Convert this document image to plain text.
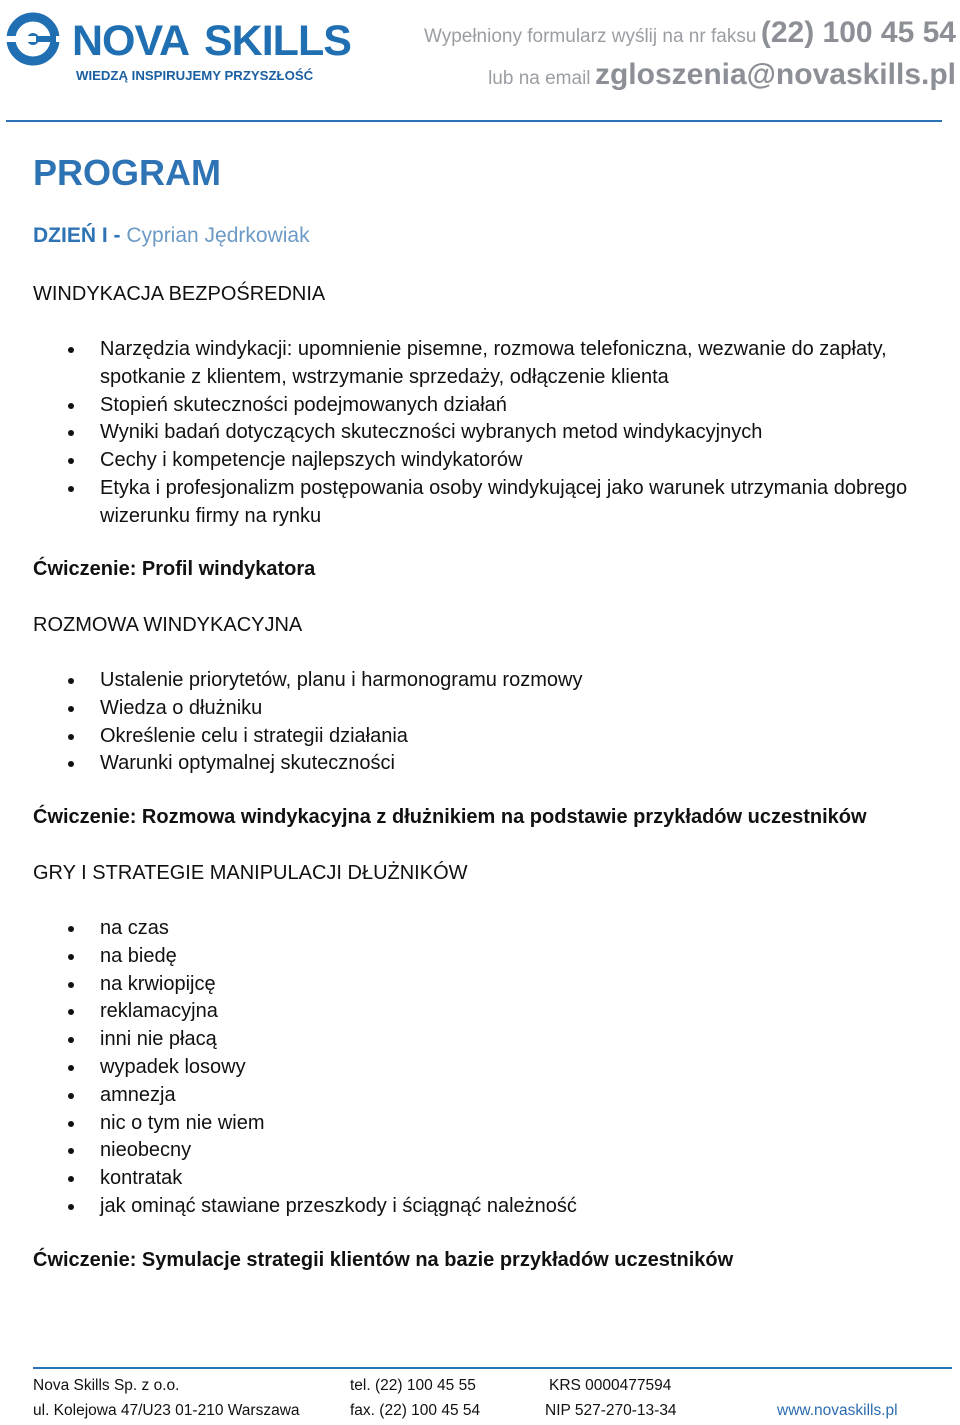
NOVA SKILLS
WIEDZĄ INSPIRUJEMY PRZYSZŁOŚĆ
Wypełniony formularz wyślij na nr faksu (22) 100 45 54
lub na email zgloszenia@novaskills.pl
PROGRAM
DZIEŃ I - Cyprian Jędrkowiak
WINDYKACJA BEZPOŚREDNIA
Narzędzia windykacji: upomnienie pisemne, rozmowa telefoniczna, wezwanie do zapłaty, spotkanie z klientem, wstrzymanie sprzedaży, odłączenie klienta
Stopień skuteczności podejmowanych działań
Wyniki badań dotyczących skuteczności wybranych metod windykacyjnych
Cechy i kompetencje najlepszych windykatorów
Etyka i profesjonalizm postępowania osoby windykującej jako warunek utrzymania dobrego wizerunku firmy na rynku
Ćwiczenie: Profil windykatora
ROZMOWA WINDYKACYJNA
Ustalenie priorytetów, planu i harmonogramu rozmowy
Wiedza o dłużniku
Określenie celu i strategii działania
Warunki optymalnej skuteczności
Ćwiczenie: Rozmowa windykacyjna z dłużnikiem na podstawie przykładów uczestników
GRY I STRATEGIE MANIPULACJI DŁUŻNIKÓW
na czas
na biedę
na krwiopijcę
reklamacyjna
inni nie płacą
wypadek losowy
amnezja
nic o tym nie wiem
nieobecny
kontratak
jak ominąć stawiane przeszkody i ściągnąć należność
Ćwiczenie: Symulacje strategii klientów na bazie przykładów uczestników
Nova Skills Sp. z o.o.
ul. Kolejowa 47/U23 01-210 Warszawa
tel. (22) 100 45 55
fax. (22) 100 45 54
KRS 0000477594
NIP 527-270-13-34	www.novaskills.pl
